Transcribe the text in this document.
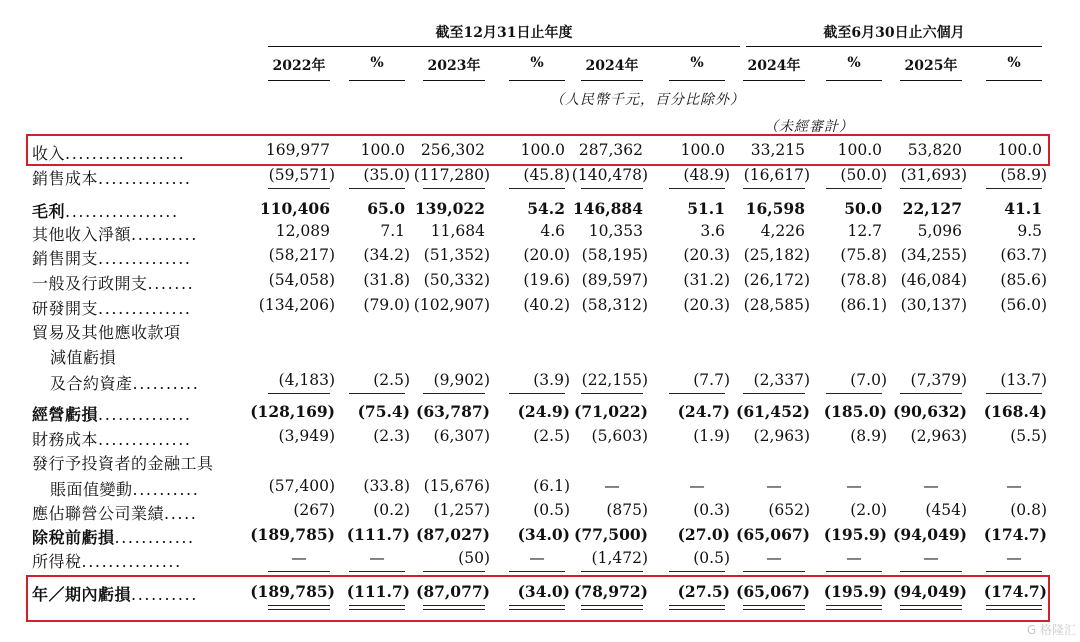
截至12月31日止年度	截至6月30日止六個月
2022年	%	2023年	%	2024年	%	2024年	%	2025年	%
（人民幣千元，百分比除外）
（未經審計）
收入..................	169,977	100.0	256,302	100.0 287,362	100.0	33,215	100.0	53,820	100.0
銷售成本..............	(59,571)	(35.0) (117,280)	(45.8) (140,478)	(48.9) (16,617)	(50.0) (31,693)	(58.9)
毛利.................	110,406	65.0 139,022	54.2 146,884	51.1	16,598	50.0	22,127	41.1
其他收入淨額..........	12,089	7.1	11,684	4.6	10,353	3.6	4,226	12.7	5,096	9.5
銷售開支..............	(58,217)	(34.2) (51,352)	(20.0) (58,195)	(20.3) (25,182)	(75.8) (34,255)	(63.7)
一般及行政開支.......	(54,058)	(31.8) (50,332)	(19.6) (89,597)	(31.2) (26,172)	(78.8) (46,084)	(85.6)
研發開支..............	(134,206)	(79.0) (102,907)	(40.2) (58,312)	(20.3) (28,585)	(86.1) (30,137)	(56.0)
貿易及其他應收款項
減值虧損
及合約資產..........	(4,183)	(2.5)	(9,902)	(3.9) (22,155)	(7.7)	(2,337)	(7.0)	(7,379)	(13.7)
經營虧損..............	(128,169)	(75.4) (63,787)	(24.9) (71,022)	(24.7) (61,452) (185.0) (90,632)	(168.4)
財務成本..............	(3,949)	(2.3)	(6,307)	(2.5)	(5,603)	(1.9)	(2,963)	(8.9)	(2,963)	(5.5)
發行予投資者的金融工具
賬面值變動..........	(57,400)	(33.8) (15,676)	(6.1)	—	—	—	—	—	—
應佔聯營公司業績.....	(267)	(0.2)	(1,257)	(0.5)	(875)	(0.3)	(652)	(2.0)	(454)	(0.8)
除稅前虧損............	(189,785) (111.7) (87,027)	(34.0) (77,500)	(27.0) (65,067) (195.9) (94,049)	(174.7)
所得稅...............	—	—	(50)	—	(1,472)	(0.5)	—	—	—	—
年／期內虧損..........	(189,785) (111.7) (87,077)	(34.0) (78,972)	(27.5) (65,067) (195.9) (94,049)	(174.7)
G 格隆汇
